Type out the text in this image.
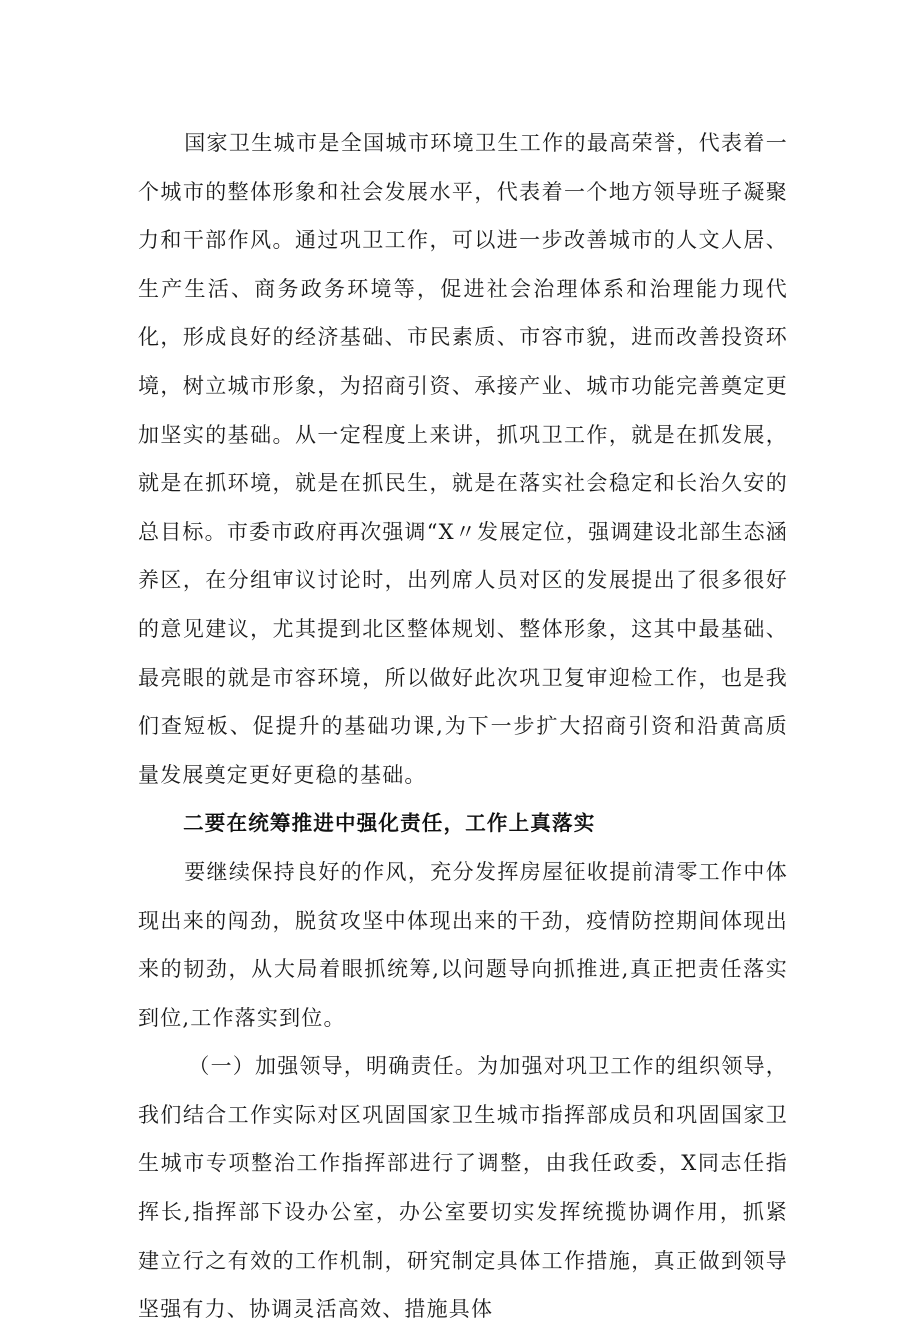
国家卫生城市是全国城市环境卫生工作的最高荣誉，代表着一个城市的整体形象和社会发展水平，代表着一个地方领导班子凝聚力和干部作风。通过巩卫工作，可以进一步改善城市的人文人居、生产生活、商务政务环境等，促进社会治理体系和治理能力现代化，形成良好的经济基础、市民素质、市容市貌，进而改善投资环境，树立城市形象，为招商引资、承接产业、城市功能完善奠定更加坚实的基础。从一定程度上来讲，抓巩卫工作，就是在抓发展，就是在抓环境，就是在抓民生，就是在落实社会稳定和长治久安的总目标。市委市政府再次强调“X〃发展定位，强调建设北部生态涵养区，在分组审议讨论时，出列席人员对区的发展提出了很多很好的意见建议，尤其提到北区整体规划、整体形象，这其中最基础、最亮眼的就是市容环境，所以做好此次巩卫复审迎检工作，也是我们查短板、促提升的基础功课,为下一步扩大招商引资和沿黄高质量发展奠定更好更稳的基础。

二要在统筹推进中强化责任，工作上真落实

要继续保持良好的作风，充分发挥房屋征收提前清零工作中体现出来的闯劲，脱贫攻坚中体现出来的干劲，疫情防控期间体现出来的韧劲，从大局着眼抓统筹,以问题导向抓推进,真正把责任落实到位,工作落实到位。

（一）加强领导，明确责任。为加强对巩卫工作的组织领导，我们结合工作实际对区巩固国家卫生城市指挥部成员和巩固国家卫生城市专项整治工作指挥部进行了调整，由我任政委，X同志任指挥长,指挥部下设办公室，办公室要切实发挥统揽协调作用，抓紧建立行之有效的工作机制，研究制定具体工作措施，真正做到领导坚强有力、协调灵活高效、措施具体
